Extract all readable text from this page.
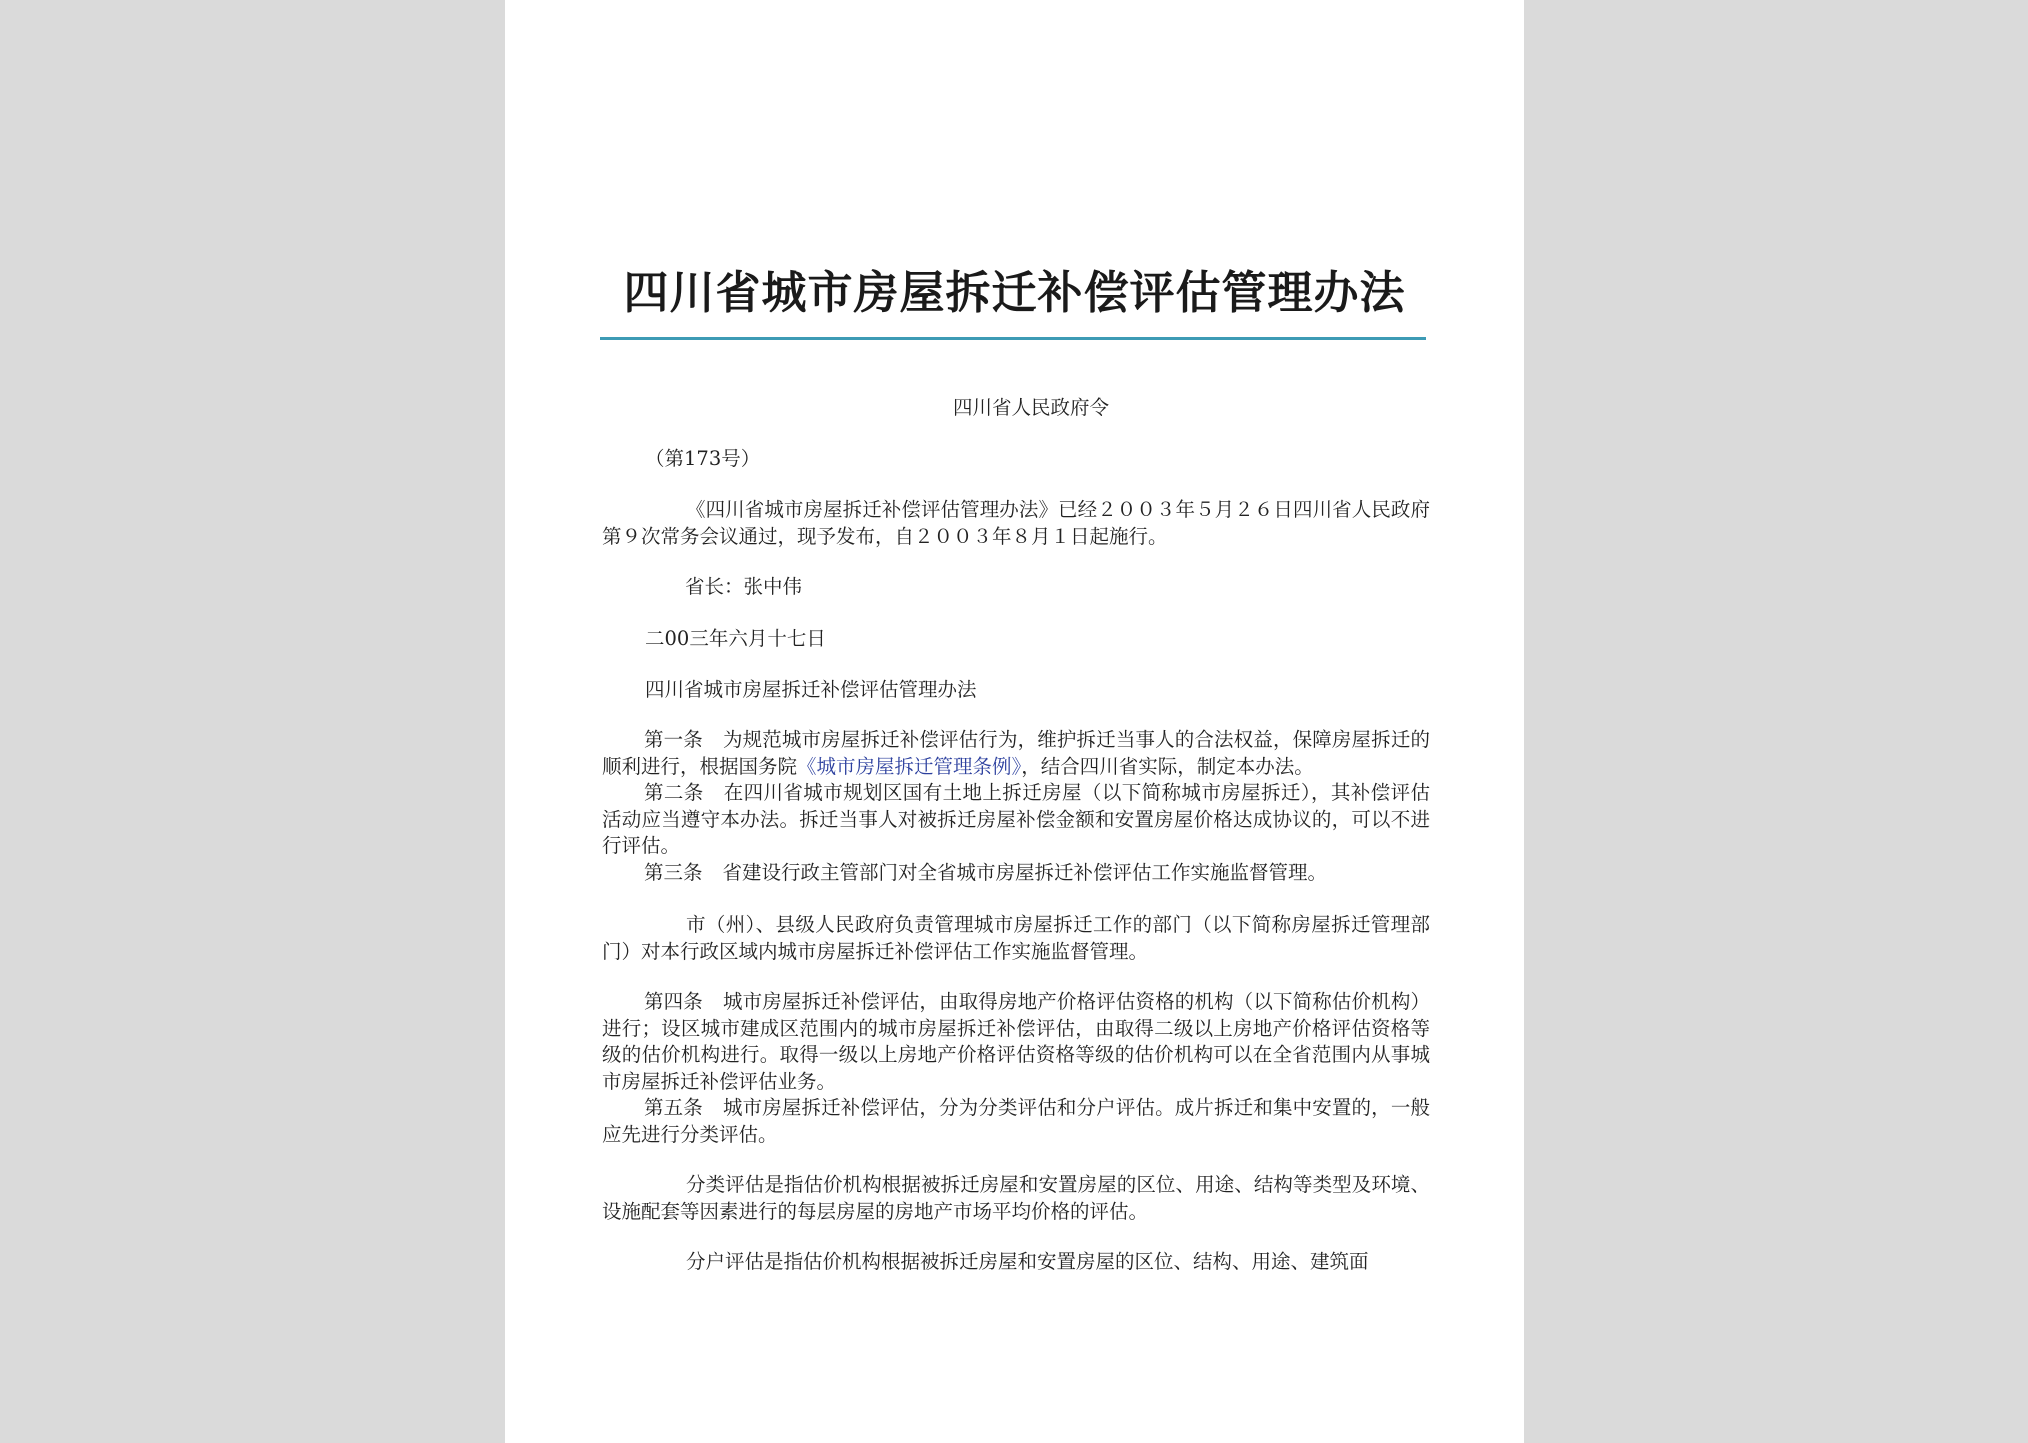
四川省城市房屋拆迁补偿评估管理办法
四川省人民政府令
（第173号）
《四川省城市房屋拆迁补偿评估管理办法》已经２００３年５月２６日四川省人民政府第９次常务会议通过，现予发布，自２００３年８月１日起施行。
省长：张中伟
二00三年六月十七日
四川省城市房屋拆迁补偿评估管理办法
第一条 为规范城市房屋拆迁补偿评估行为，维护拆迁当事人的合法权益，保障房屋拆迁的顺利进行，根据国务院《城市房屋拆迁管理条例》，结合四川省实际，制定本办法。
第二条 在四川省城市规划区国有土地上拆迁房屋（以下简称城市房屋拆迁），其补偿评估活动应当遵守本办法。拆迁当事人对被拆迁房屋补偿金额和安置房屋价格达成协议的，可以不进行评估。
第三条 省建设行政主管部门对全省城市房屋拆迁补偿评估工作实施监督管理。
市（州）、县级人民政府负责管理城市房屋拆迁工作的部门（以下简称房屋拆迁管理部门）对本行政区域内城市房屋拆迁补偿评估工作实施监督管理。
第四条 城市房屋拆迁补偿评估，由取得房地产价格评估资格的机构（以下简称估价机构）进行；设区城市建成区范围内的城市房屋拆迁补偿评估，由取得二级以上房地产价格评估资格等级的估价机构进行。取得一级以上房地产价格评估资格等级的估价机构可以在全省范围内从事城市房屋拆迁补偿评估业务。
第五条 城市房屋拆迁补偿评估，分为分类评估和分户评估。成片拆迁和集中安置的，一般应先进行分类评估。
分类评估是指估价机构根据被拆迁房屋和安置房屋的区位、用途、结构等类型及环境、设施配套等因素进行的每层房屋的房地产市场平均价格的评估。
分户评估是指估价机构根据被拆迁房屋和安置房屋的区位、结构、用途、建筑面
